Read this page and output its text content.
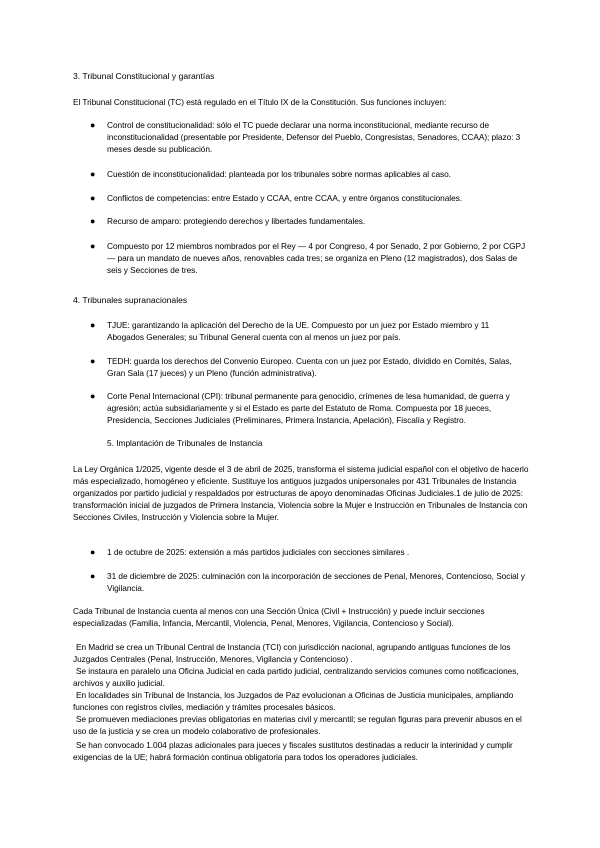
3. Tribunal Constitucional y garantías

El Tribunal Constitucional (TC) está regulado en el Título IX de la Constitución. Sus funciones incluyen:

● Control de constitucionalidad: sólo el TC puede declarar una norma inconstitucional, mediante recurso de inconstitucionalidad (presentable por Presidente, Defensor del Pueblo, Congresistas, Senadores, CCAA); plazo: 3 meses desde su publicación.

● Cuestión de inconstitucionalidad: planteada por los tribunales sobre normas aplicables al caso.

● Conflictos de competencias: entre Estado y CCAA, entre CCAA, y entre órganos constitucionales.

● Recurso de amparo: protegiendo derechos y libertades fundamentales.

● Compuesto por 12 miembros nombrados por el Rey — 4 por Congreso, 4 por Senado, 2 por Gobierno, 2 por CGPJ — para un mandato de nueves años, renovables cada tres; se organiza en Pleno (12 magistrados), dos Salas de seis y Secciones de tres.

4. Tribunales supranacionales

● TJUE: garantizando la aplicación del Derecho de la UE. Compuesto por un juez por Estado miembro y 11 Abogados Generales; su Tribunal General cuenta con al menos un juez por país.

● TEDH: guarda los derechos del Convenio Europeo. Cuenta con un juez por Estado, dividido en Comités, Salas, Gran Sala (17 jueces) y un Pleno (función administrativa).

● Corte Penal Internacional (CPI): tribunal permanente para genocidio, crímenes de lesa humanidad, de guerra y agresión; actúa subsidiariamente y si el Estado es parte del Estatuto de Roma. Compuesta por 18 jueces, Presidencia, Secciones Judiciales (Preliminares, Primera Instancia, Apelación), Fiscalía y Registro.

5. Implantación de Tribunales de Instancia

La Ley Orgánica 1/2025, vigente desde el 3 de abril de 2025, transforma el sistema judicial español con el objetivo de hacerlo más especializado, homogéneo y eficiente. Sustituye los antiguos juzgados unipersonales por 431 Tribunales de Instancia organizados por partido judicial y respaldados por estructuras de apoyo denominadas Oficinas Judiciales.1 de julio de 2025: transformación inicial de juzgados de Primera Instancia, Violencia sobre la Mujer e Instrucción en Tribunales de Instancia con Secciones Civiles, Instrucción y Violencia sobre la Mujer.

● 1 de octubre de 2025: extensión a más partidos judiciales con secciones similares .

● 31 de diciembre de 2025: culminación con la incorporación de secciones de Penal, Menores, Contencioso, Social y Vigilancia.

Cada Tribunal de Instancia cuenta al menos con una Sección Única (Civil + Instrucción) y puede incluir secciones especializadas (Familia, Infancia, Mercantil, Violencia, Penal, Menores, Vigilancia, Contencioso y Social).

En Madrid se crea un Tribunal Central de Instancia (TCI) con jurisdicción nacional, agrupando antiguas funciones de los Juzgados Centrales (Penal, Instrucción, Menores, Vigilancia y Contencioso) .

Se instaura en paralelo una Oficina Judicial en cada partido judicial, centralizando servicios comunes como notificaciones, archivos y auxilio judicial.

En localidades sin Tribunal de Instancia, los Juzgados de Paz evolucionan a Oficinas de Justicia municipales, ampliando funciones con registros civiles, mediación y trámites procesales básicos.

Se promueven mediaciones previas obligatorias en materias civil y mercantil; se regulan figuras para prevenir abusos en el uso de la justicia y se crea un modelo colaborativo de profesionales.

Se han convocado 1.004 plazas adicionales para jueces y fiscales sustitutos destinadas a reducir la interinidad y cumplir exigencias de la UE; habrá formación continua obligatoria para todos los operadores judiciales.
